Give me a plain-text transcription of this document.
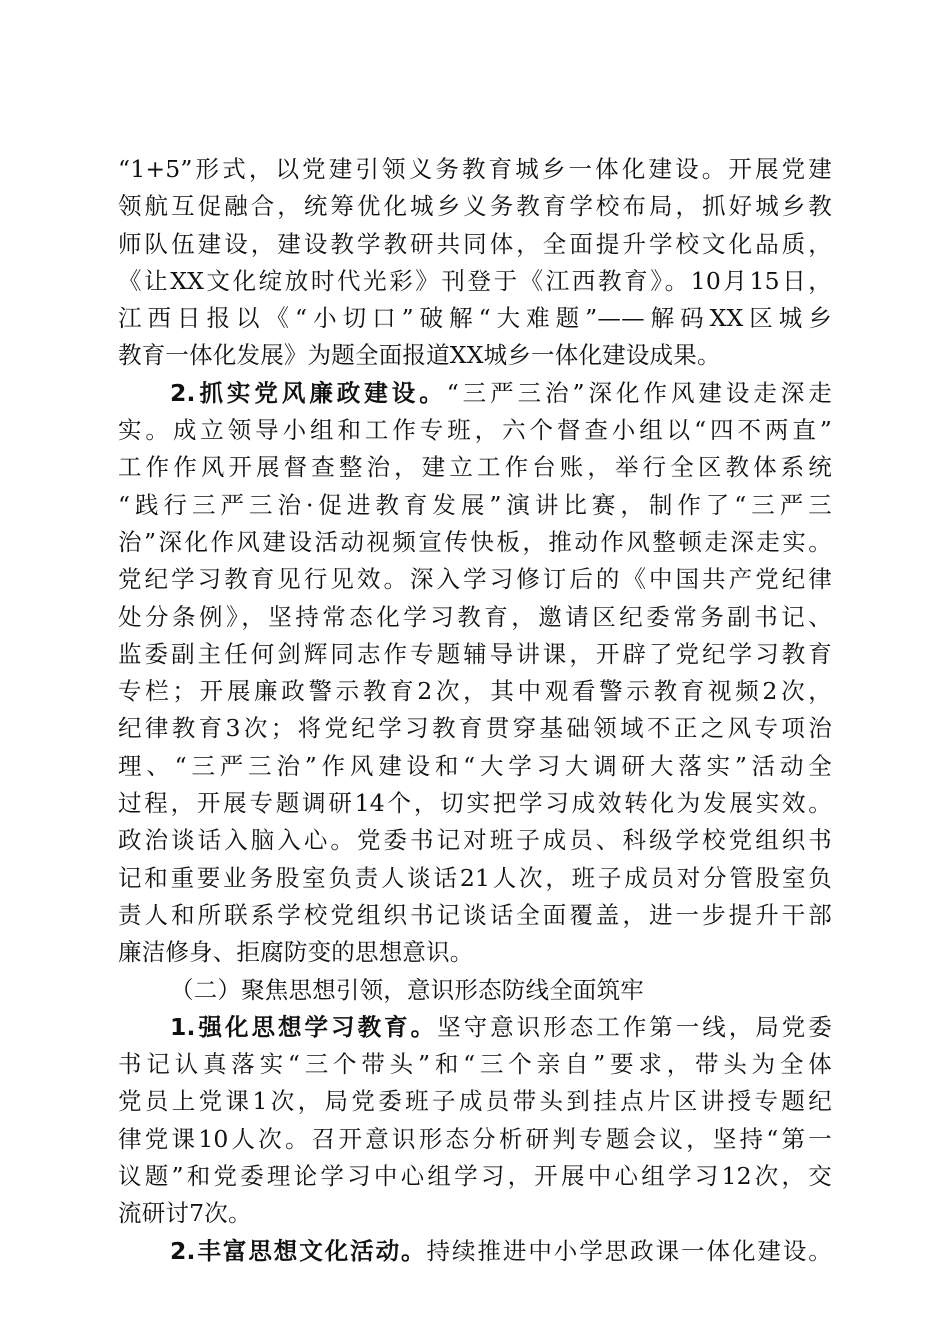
“1+5”形式，以党建引领义务教育城乡一体化建设。开展党建
领航互促融合，统筹优化城乡义务教育学校布局，抓好城乡教
师队伍建设，建设教学教研共同体，全面提升学校文化品质，
《让XX文化绽放时代光彩》刊登于《江西教育》。10月15日，
江西日报以《“小切口”破解“大难题”——解码XX区城乡
教育一体化发展》为题全面报道XX城乡一体化建设成果。

2.抓实党风廉政建设。“三严三治”深化作风建设走深走
实。成立领导小组和工作专班，六个督查小组以“四不两直”
工作作风开展督查整治，建立工作台账，举行全区教体系统
“践行三严三治·促进教育发展”演讲比赛，制作了“三严三
治”深化作风建设活动视频宣传快板，推动作风整顿走深走实。
党纪学习教育见行见效。深入学习修订后的《中国共产党纪律
处分条例》，坚持常态化学习教育，邀请区纪委常务副书记、
监委副主任何剑辉同志作专题辅导讲课，开辟了党纪学习教育
专栏；开展廉政警示教育2次，其中观看警示教育视频2次，
纪律教育3次；将党纪学习教育贯穿基础领域不正之风专项治
理、“三严三治”作风建设和“大学习大调研大落实”活动全
过程，开展专题调研14个，切实把学习成效转化为发展实效。
政治谈话入脑入心。党委书记对班子成员、科级学校党组织书
记和重要业务股室负责人谈话21人次，班子成员对分管股室负
责人和所联系学校党组织书记谈话全面覆盖，进一步提升干部
廉洁修身、拒腐防变的思想意识。

（二）聚焦思想引领，意识形态防线全面筑牢

1.强化思想学习教育。坚守意识形态工作第一线，局党委
书记认真落实“三个带头”和“三个亲自”要求，带头为全体
党员上党课1次，局党委班子成员带头到挂点片区讲授专题纪
律党课10人次。召开意识形态分析研判专题会议，坚持“第一
议题”和党委理论学习中心组学习，开展中心组学习12次，交
流研讨7次。

2.丰富思想文化活动。持续推进中小学思政课一体化建设。
